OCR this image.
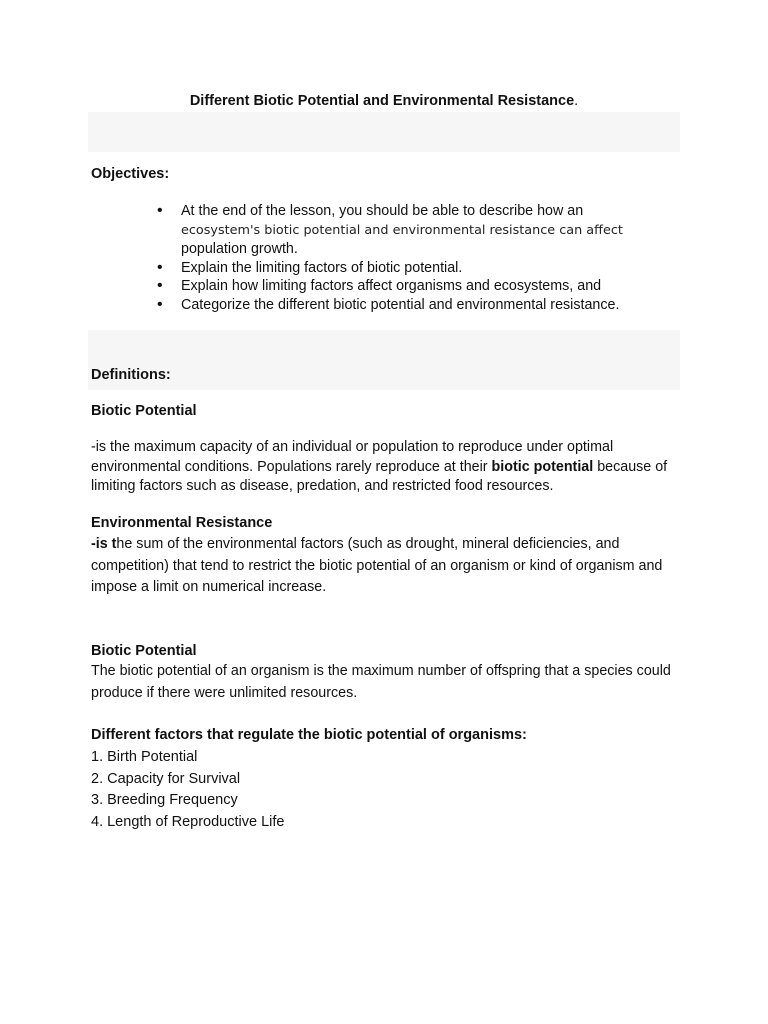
Different Biotic Potential and Environmental Resistance.

Objectives:

• At the end of the lesson, you should be able to describe how an
ecosystem's biotic potential and environmental resistance can affect
population growth.
• Explain the limiting factors of biotic potential.
• Explain how limiting factors affect organisms and ecosystems, and
• Categorize the different biotic potential and environmental resistance.

Definitions:

Biotic Potential

-is the maximum capacity of an individual or population to reproduce under optimal environmental conditions. Populations rarely reproduce at their biotic potential because of limiting factors such as disease, predation, and restricted food resources.

Environmental Resistance

-is the sum of the environmental factors (such as drought, mineral deficiencies, and competition) that tend to restrict the biotic potential of an organism or kind of organism and impose a limit on numerical increase.

Biotic Potential

The biotic potential of an organism is the maximum number of offspring that a species could produce if there were unlimited resources.

Different factors that regulate the biotic potential of organisms:

1. Birth Potential
2. Capacity for Survival
3. Breeding Frequency
4. Length of Reproductive Life
